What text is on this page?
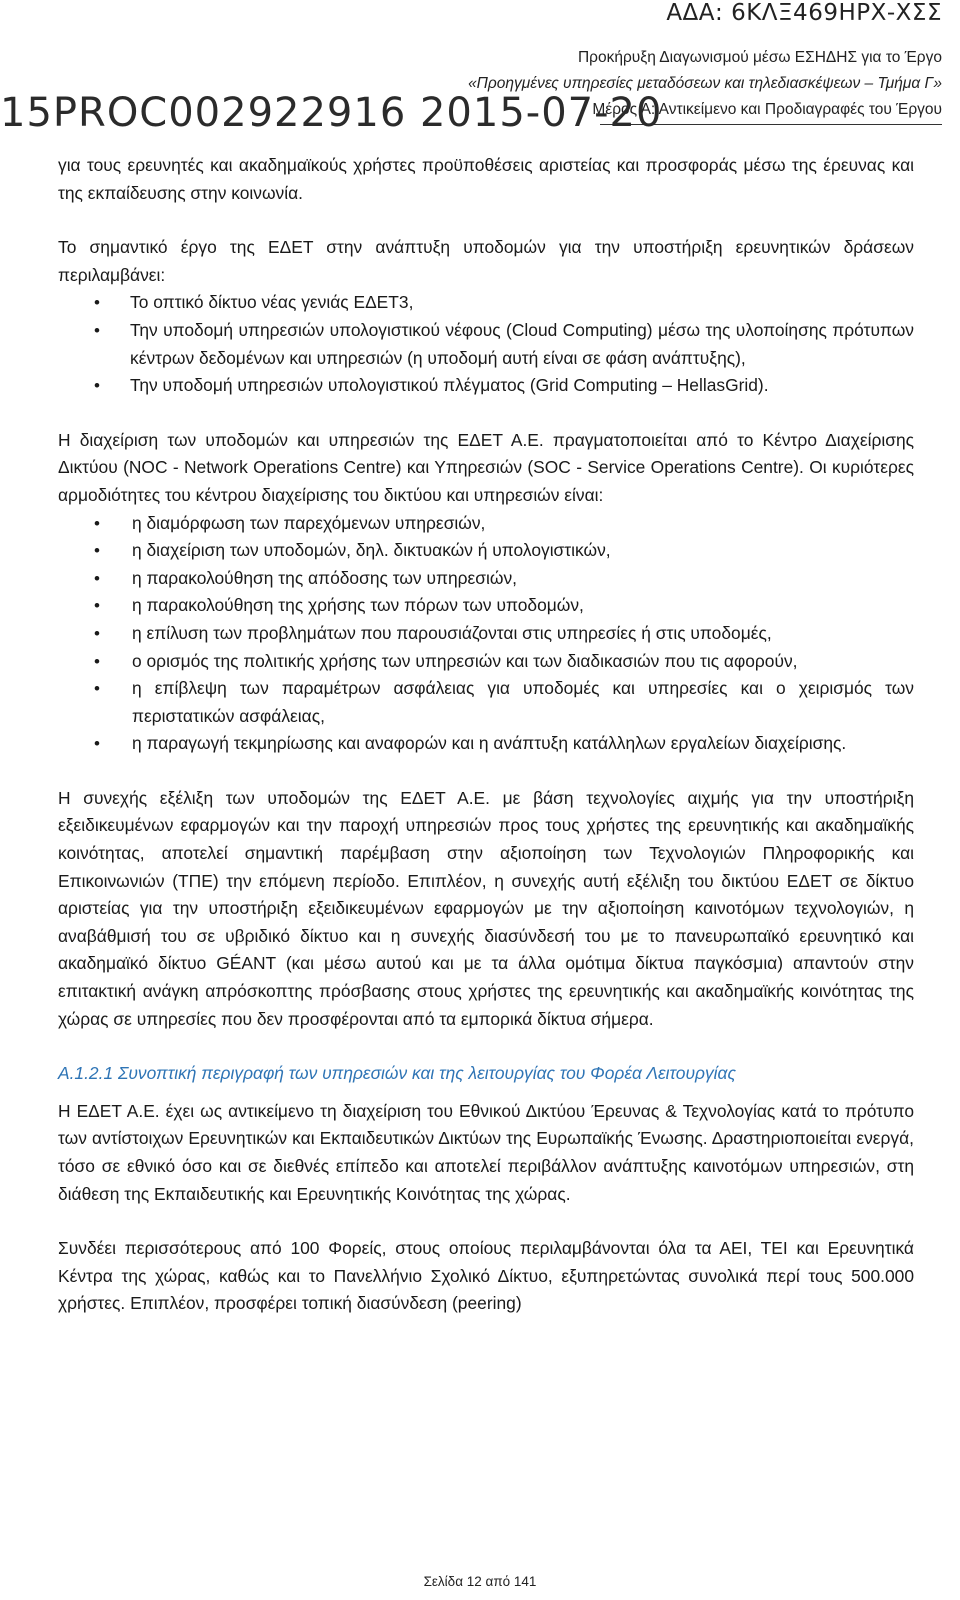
ΑΔΑ: 6ΚΛΞ469ΗΡΧ-ΧΣΣ
Προκήρυξη Διαγωνισμού μέσω ΕΣΗΔΗΣ για το Έργο
«Προηγμένες υπηρεσίες μεταδόσεων και τηλεδιασκέψεων – Τμήμα Γ»
Μέρος Α: Αντικείμενο και Προδιαγραφές του Έργου
15PROC002922916 2015-07-20

για τους ερευνητές και ακαδημαϊκούς χρήστες προϋποθέσεις αριστείας και προσφοράς μέσω της έρευνας και της εκπαίδευσης στην κοινωνία.

Το σημαντικό έργο της ΕΔΕΤ στην ανάπτυξη υποδομών για την υποστήριξη ερευνητικών δράσεων περιλαμβάνει:

• Το οπτικό δίκτυο νέας γενιάς ΕΔΕΤ3,
• Την υποδομή υπηρεσιών υπολογιστικού νέφους (Cloud Computing) μέσω της υλοποίησης πρότυπων κέντρων δεδομένων και υπηρεσιών (η υποδομή αυτή είναι σε φάση ανάπτυξης),
• Την υποδομή υπηρεσιών υπολογιστικού πλέγματος (Grid Computing – HellasGrid).

Η διαχείριση των υποδομών και υπηρεσιών της ΕΔΕΤ Α.Ε. πραγματοποιείται από το Κέντρο Διαχείρισης Δικτύου (NOC - Network Operations Centre) και Υπηρεσιών (SOC - Service Operations Centre). Οι κυριότερες αρμοδιότητες του κέντρου διαχείρισης του δικτύου και υπηρεσιών είναι:

• η διαμόρφωση των παρεχόμενων υπηρεσιών,
• η διαχείριση των υποδομών, δηλ. δικτυακών ή υπολογιστικών,
• η παρακολούθηση της απόδοσης των υπηρεσιών,
• η παρακολούθηση της χρήσης των πόρων των υποδομών,
• η επίλυση των προβλημάτων που παρουσιάζονται στις υπηρεσίες ή στις υποδομές,
• ο ορισμός της πολιτικής χρήσης των υπηρεσιών και των διαδικασιών που τις αφορούν,
• η επίβλεψη των παραμέτρων ασφάλειας για υποδομές και υπηρεσίες και ο χειρισμός των περιστατικών ασφάλειας,
• η παραγωγή τεκμηρίωσης και αναφορών και η ανάπτυξη κατάλληλων εργαλείων διαχείρισης.

Η συνεχής εξέλιξη των υποδομών της ΕΔΕΤ Α.Ε. με βάση τεχνολογίες αιχμής για την υποστήριξη εξειδικευμένων εφαρμογών και την παροχή υπηρεσιών προς τους χρήστες της ερευνητικής και ακαδημαϊκής κοινότητας, αποτελεί σημαντική παρέμβαση στην αξιοποίηση των Τεχνολογιών Πληροφορικής και Επικοινωνιών (ΤΠΕ) την επόμενη περίοδο. Επιπλέον, η συνεχής αυτή εξέλιξη του δικτύου ΕΔΕΤ σε δίκτυο αριστείας για την υποστήριξη εξειδικευμένων εφαρμογών με την αξιοποίηση καινοτόμων τεχνολογιών, η αναβάθμισή του σε υβριδικό δίκτυο και η συνεχής διασύνδεσή του με το πανευρωπαϊκό ερευνητικό και ακαδημαϊκό δίκτυο GÉANT (και μέσω αυτού και με τα άλλα ομότιμα δίκτυα παγκόσμια) απαντούν στην επιτακτική ανάγκη απρόσκοπτης πρόσβασης στους χρήστες της ερευνητικής και ακαδημαϊκής κοινότητας της χώρας σε υπηρεσίες που δεν προσφέρονται από τα εμπορικά δίκτυα σήμερα.

Α.1.2.1 Συνοπτική περιγραφή των υπηρεσιών και της λειτουργίας του Φορέα Λειτουργίας

Η ΕΔΕΤ Α.Ε. έχει ως αντικείμενο τη διαχείριση του Εθνικού Δικτύου Έρευνας & Τεχνολογίας κατά το πρότυπο των αντίστοιχων Ερευνητικών και Εκπαιδευτικών Δικτύων της Ευρωπαϊκής Ένωσης. Δραστηριοποιείται ενεργά, τόσο σε εθνικό όσο και σε διεθνές επίπεδο και αποτελεί περιβάλλον ανάπτυξης καινοτόμων υπηρεσιών, στη διάθεση της Εκπαιδευτικής και Ερευνητικής Κοινότητας της χώρας.

Συνδέει περισσότερους από 100 Φορείς, στους οποίους περιλαμβάνονται όλα τα ΑΕΙ, ΤΕΙ και Ερευνητικά Κέντρα της χώρας, καθώς και το Πανελλήνιο Σχολικό Δίκτυο, εξυπηρετώντας συνολικά περί τους 500.000 χρήστες. Επιπλέον, προσφέρει τοπική διασύνδεση (peering)

Σελίδα 12 από 141
